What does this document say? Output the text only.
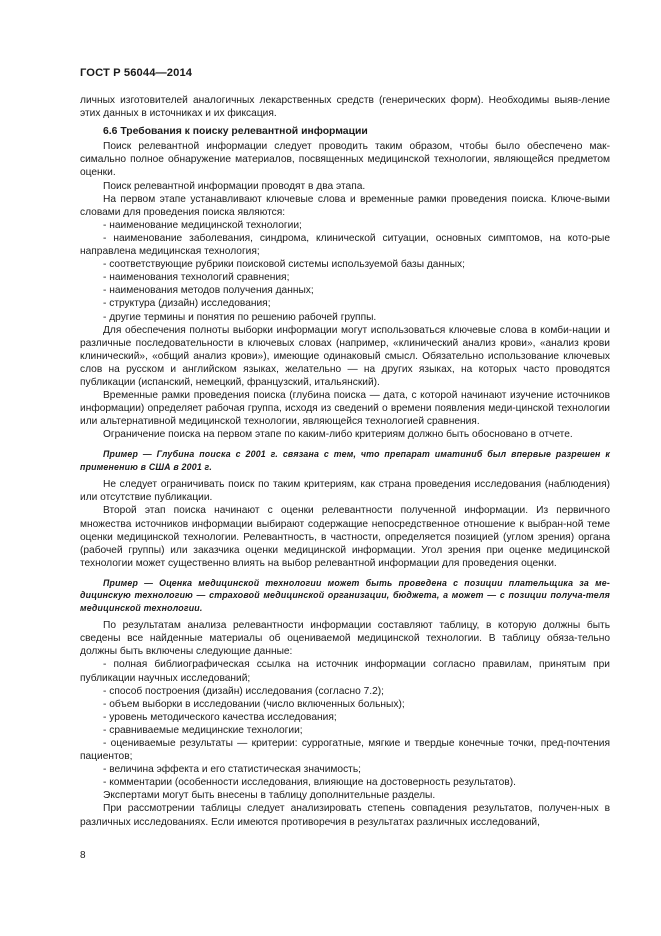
ГОСТ Р 56044—2014

личных изготовителей аналогичных лекарственных средств (генерических форм). Необходимы выяв-ление этих данных в источниках и их фиксация.

6.6 Требования к поиску релевантной информации

Поиск релевантной информации следует проводить таким образом, чтобы было обеспечено мак-симально полное обнаружение материалов, посвященных медицинской технологии, являющейся предметом оценки.

Поиск релевантной информации проводят в два этапа.

На первом этапе устанавливают ключевые слова и временные рамки проведения поиска. Ключе-выми словами для проведения поиска являются:

- наименование медицинской технологии;

- наименование заболевания, синдрома, клинической ситуации, основных симптомов, на кото-рые направлена медицинская технология;

- соответствующие рубрики поисковой системы используемой базы данных;

- наименования технологий сравнения;

- наименования методов получения данных;

- структура (дизайн) исследования;

- другие термины и понятия по решению рабочей группы.

Для обеспечения полноты выборки информации могут использоваться ключевые слова в комби-нации и различные последовательности в ключевых словах (например, «клинический анализ крови», «анализ крови клинический», «общий анализ крови»), имеющие одинаковый смысл. Обязательно использование ключевых слов на русском и английском языках, желательно — на других языках, на которых часто проводятся публикации (испанский, немецкий, французский, итальянский).

Временные рамки проведения поиска (глубина поиска — дата, с которой начинают изучение источников информации) определяет рабочая группа, исходя из сведений о времени появления меди-цинской технологии или альтернативной медицинской технологии, являющейся технологией сравнения.

Ограничение поиска на первом этапе по каким-либо критериям должно быть обосновано в отчете.

Пример — Глубина поиска с 2001 г. связана с тем, что препарат иматиниб был впервые разрешен к применению в США в 2001 г.

Не следует ограничивать поиск по таким критериям, как страна проведения исследования (наблюдения) или отсутствие публикации.

Второй этап поиска начинают с оценки релевантности полученной информации. Из первичного множества источников информации выбирают содержащие непосредственное отношение к выбран-ной теме оценки медицинской технологии. Релевантность, в частности, определяется позицией (углом зрения) органа (рабочей группы) или заказчика оценки медицинской информации. Угол зрения при оценке медицинской технологии может существенно влиять на выбор релевантной информации для проведения оценки.

Пример — Оценка медицинской технологии может быть проведена с позиции плательщика за ме-дицинскую технологию — страховой медицинской организации, бюджета, а может — с позиции получа-теля медицинской технологии.

По результатам анализа релевантности информации составляют таблицу, в которую должны быть сведены все найденные материалы об оцениваемой медицинской технологии. В таблицу обяза-тельно должны быть включены следующие данные:

- полная библиографическая ссылка на источник информации согласно правилам, принятым при публикации научных исследований;

- способ построения (дизайн) исследования (согласно 7.2);

- объем выборки в исследовании (число включенных больных);

- уровень методического качества исследования;

- сравниваемые медицинские технологии;

- оцениваемые результаты — критерии: суррогатные, мягкие и твердые конечные точки, пред-почтения пациентов;

- величина эффекта и его статистическая значимость;

- комментарии (особенности исследования, влияющие на достоверность результатов).

Экспертами могут быть внесены в таблицу дополнительные разделы.

При рассмотрении таблицы следует анализировать степень совпадения результатов, получен-ных в различных исследованиях. Если имеются противоречия в результатах различных исследований,

8
